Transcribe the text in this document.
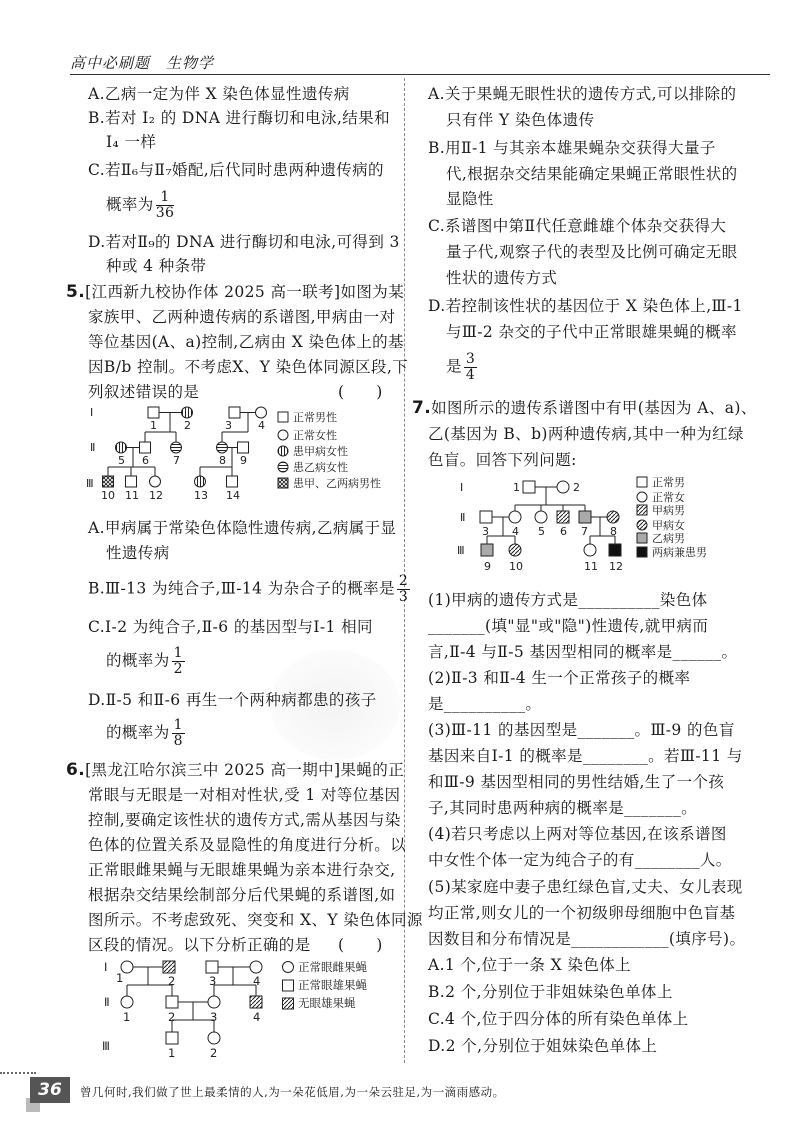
高中必刷题　生物学
A.乙病一定为伴 X 染色体显性遗传病
B.若对 Ⅰ₂ 的 DNA 进行酶切和电泳,结果和
Ⅰ₄ 一样
C.若Ⅱ₆与Ⅱ₇婚配,后代同时患两种遗传病的
概率为 $\frac{1}{36}$
D.若对Ⅱ₉的 DNA 进行酶切和电泳,可得到 3
种或 4 种条带
5.[江西新九校协作体 2025 高一联考]如图为某
家族甲、乙两种遗传病的系谱图,甲病由一对
等位基因(A、a)控制,乙病由 X 染色体上的基
因B/b 控制。不考虑X、Y 染色体同源区段,下
列叙述错误的是	(　　)
Ⅰ
Ⅱ
Ⅲ
1 2	3 4
5 6 7	8 9
10 11 12	13 14
正常男性
正常女性
患甲病女性
患乙病女性
患甲、乙两病男性
A.甲病属于常染色体隐性遗传病,乙病属于显
性遗传病
B.Ⅲ-13 为纯合子,Ⅲ-14 为杂合子的概率是 $\frac{2}{3}$
C.Ⅰ-2 为纯合子,Ⅱ-6 的基因型与Ⅰ-1 相同
的概率为 $\frac{1}{2}$
D.Ⅱ-5 和Ⅱ-6 再生一个两种病都患的孩子
的概率为 $\frac{1}{8}$
6.[黑龙江哈尔滨三中 2025 高一期中]果蝇的正
常眼与无眼是一对相对性状,受 1 对等位基因
控制,要确定该性状的遗传方式,需从基因与染
色体的位置关系及显隐性的角度进行分析。以
正常眼雌果蝇与无眼雄果蝇为亲本进行杂交,
根据杂交结果绘制部分后代果蝇的系谱图,如
图所示。不考虑致死、突变和 X、Y 染色体同源
区段的情况。以下分析正确的是 (　　)
Ⅰ
Ⅱ
Ⅲ
1	2	3	4
1	2	3	4
1	2
正常眼雌果蝇
正常眼雄果蝇
无眼雄果蝇
A.关于果蝇无眼性状的遗传方式,可以排除的
只有伴 Y 染色体遗传
B.用Ⅱ-1 与其亲本雄果蝇杂交获得大量子
代,根据杂交结果能确定果蝇正常眼性状的
显隐性
C.系谱图中第Ⅱ代任意雌雄个体杂交获得大
量子代,观察子代的表型及比例可确定无眼
性状的遗传方式
D.若控制该性状的基因位于 X 染色体上,Ⅲ-1
与Ⅲ-2 杂交的子代中正常眼雄果蝇的概率
是 $\frac{3}{4}$
7.如图所示的遗传系谱图中有甲(基因为 A、a)、
乙(基因为 B、b)两种遗传病,其中一种为红绿
色盲。回答下列问题:
Ⅰ
Ⅱ
Ⅲ
1	2
3 4 5 6 7 8
9 10	11 12
正常男
正常女
甲病男
甲病女
乙病男
两病兼患男
(1)甲病的遗传方式是__________染色体
_______(填"显"或"隐")性遗传,就甲病而
言,Ⅱ-4 与Ⅱ-5 基因型相同的概率是______。
(2)Ⅱ-3 和Ⅱ-4 生一个正常孩子的概率
是__________。
(3)Ⅲ-11 的基因型是_______。Ⅲ-9 的色盲
基因来自Ⅰ-1 的概率是________。若Ⅲ-11 与
和Ⅲ-9 基因型相同的男性结婚,生了一个孩
子,其同时患两种病的概率是_______。
(4)若只考虑以上两对等位基因,在该系谱图
中女性个体一定为纯合子的有________人。
(5)某家庭中妻子患红绿色盲,丈夫、女儿表现
均正常,则女儿的一个初级卵母细胞中色盲基
因数目和分布情况是____________(填序号)。
A.1 个,位于一条 X 染色体上
B.2 个,分别位于非姐妹染色单体上
C.4 个,位于四分体的所有染色单体上
D.2 个,分别位于姐妹染色单体上
36	曾几何时,我们做了世上最柔情的人,为一朵花低眉,为一朵云驻足,为一滴雨感动。
